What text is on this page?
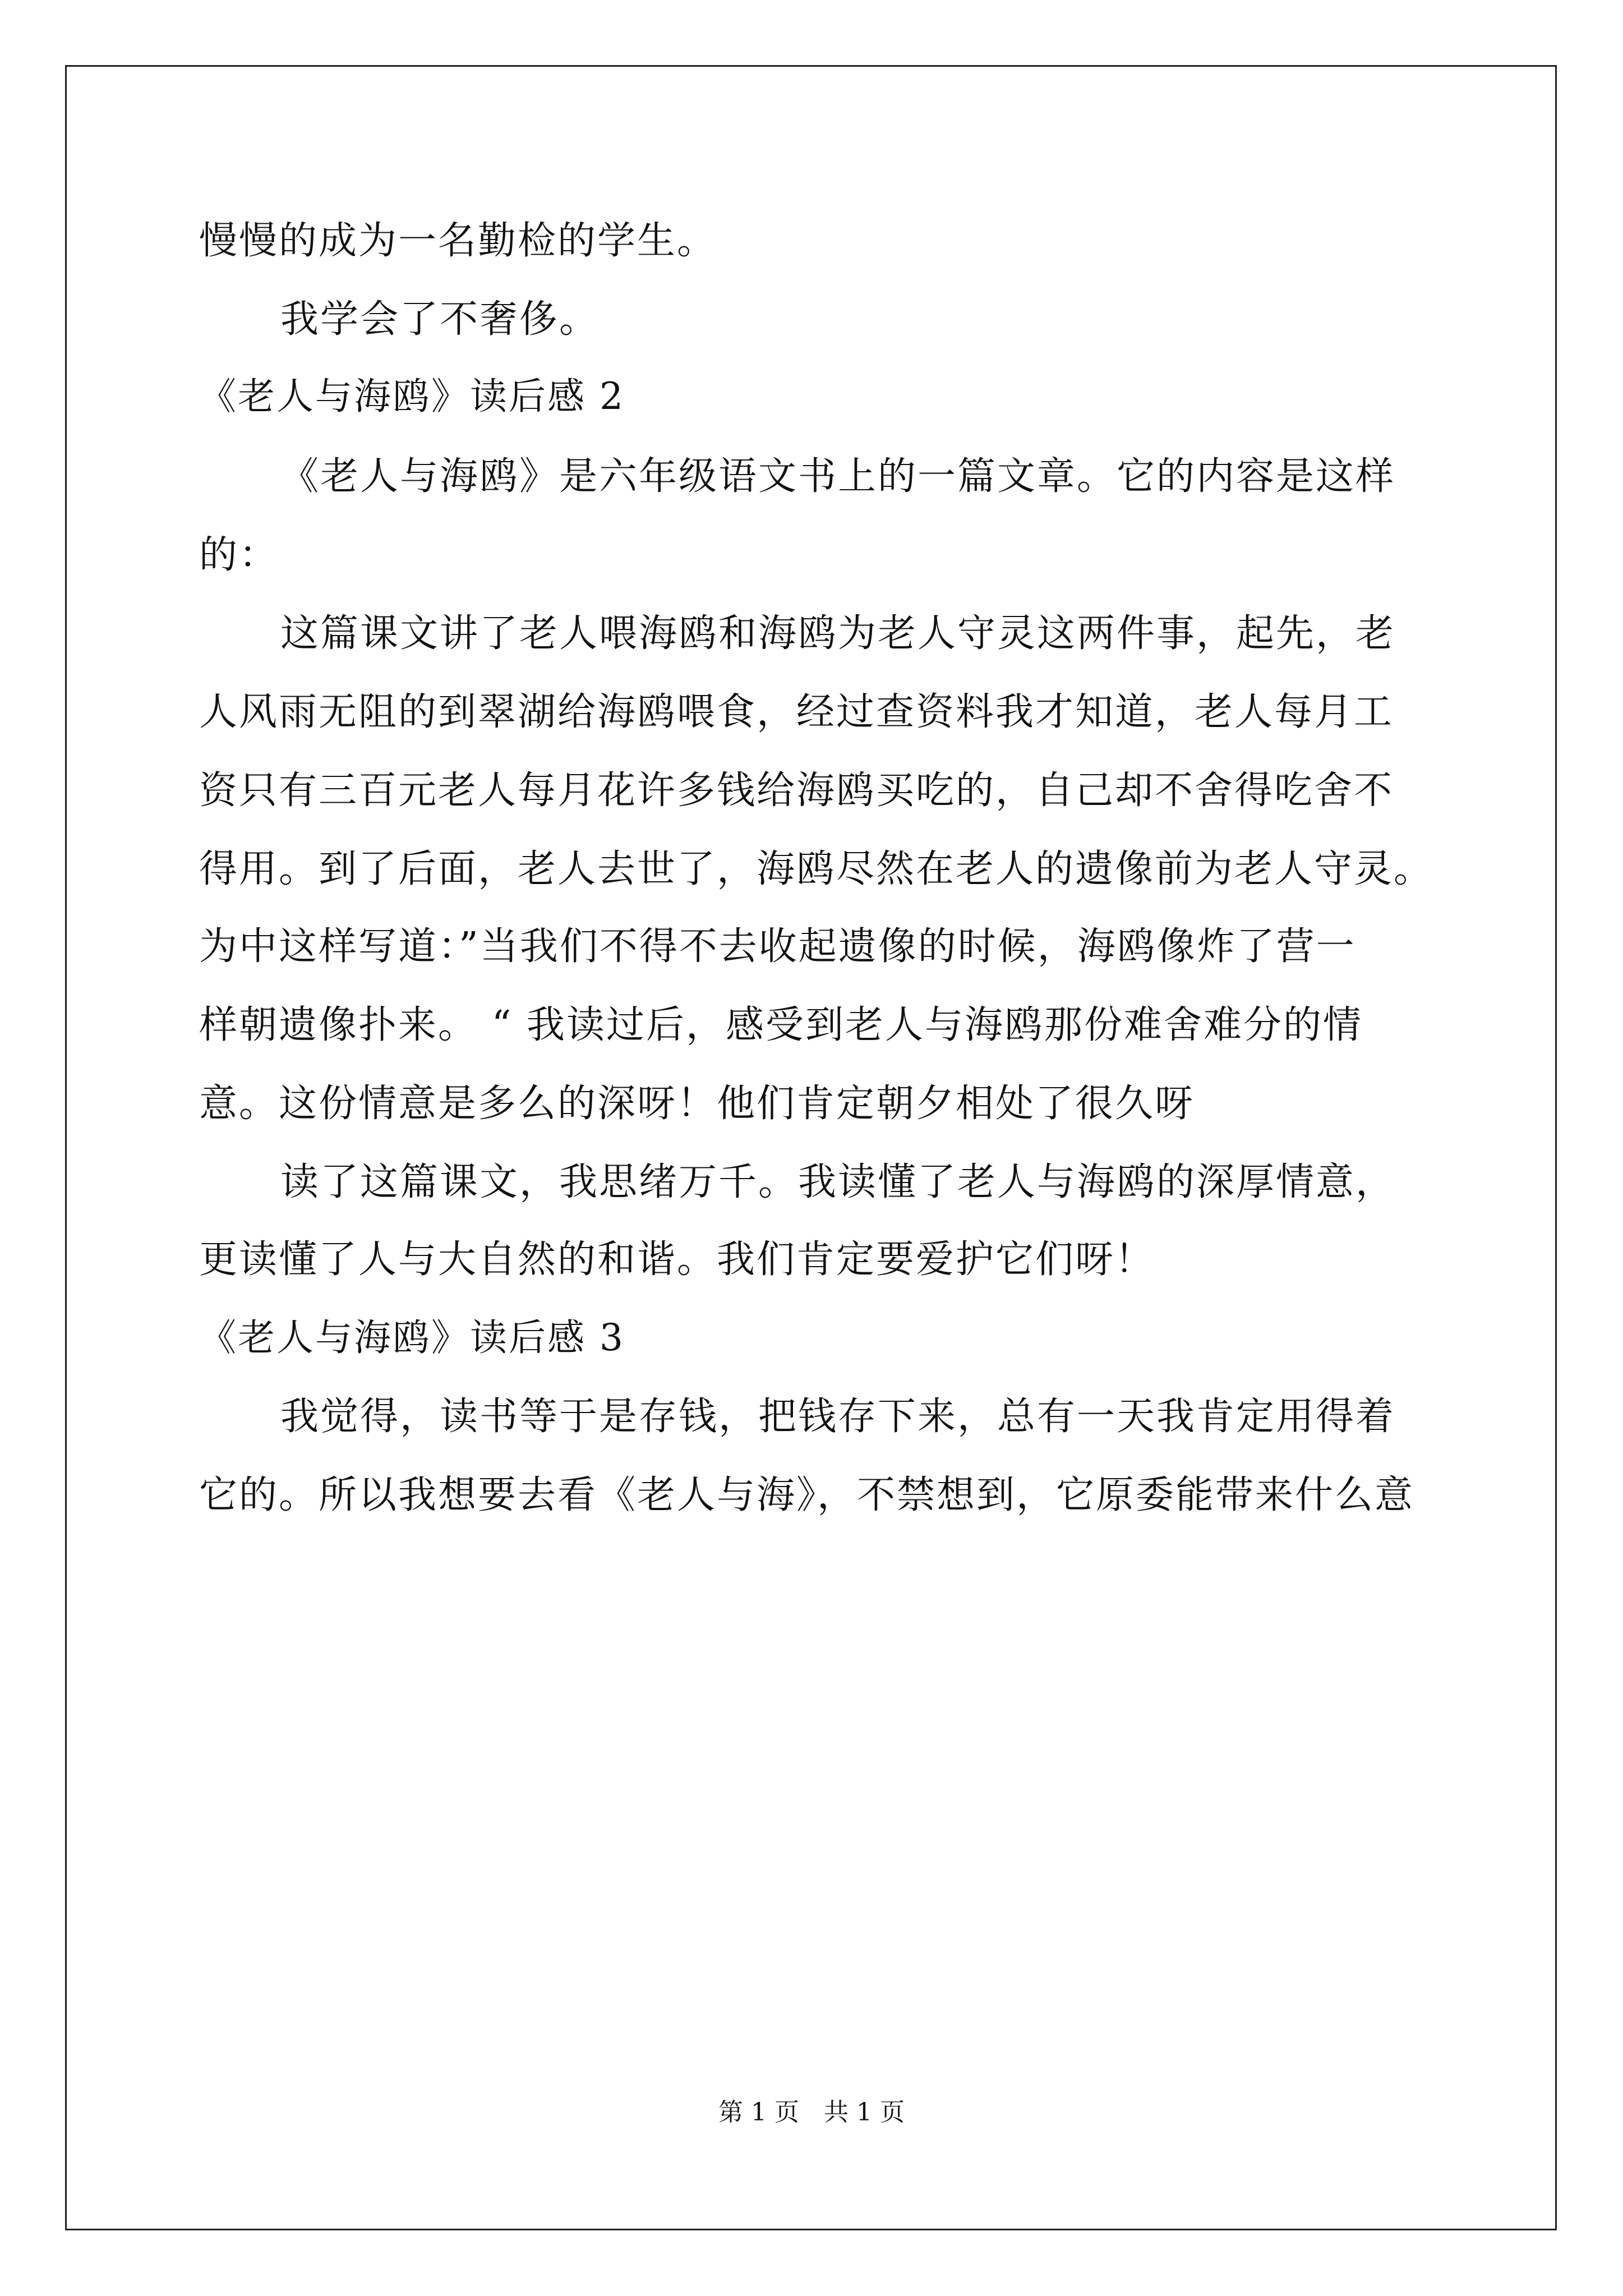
慢慢的成为一名勤检的学生。
我学会了不奢侈。
《老人与海鸥》读后感 2
《老人与海鸥》是六年级语文书上的一篇文章。它的内容是这样
的：
这篇课文讲了老人喂海鸥和海鸥为老人守灵这两件事，起先，老
人风雨无阻的到翠湖给海鸥喂食，经过查资料我才知道，老人每月工
资只有三百元老人每月花许多钱给海鸥买吃的，自己却不舍得吃舍不
得用。到了后面，老人去世了，海鸥尽然在老人的遗像前为老人守灵。
为中这样写道：”当我们不得不去收起遗像的时候，海鸥像炸了营一
样朝遗像扑来。 “ 我读过后，感受到老人与海鸥那份难舍难分的情
意。这份情意是多么的深呀！他们肯定朝夕相处了很久呀
读了这篇课文，我思绪万千。我读懂了老人与海鸥的深厚情意，
更读懂了人与大自然的和谐。我们肯定要爱护它们呀！
《老人与海鸥》读后感 3
我觉得，读书等于是存钱，把钱存下来，总有一天我肯定用得着
它的。所以我想要去看《老人与海》，不禁想到，它原委能带来什么意
第 1 页　共 1 页
